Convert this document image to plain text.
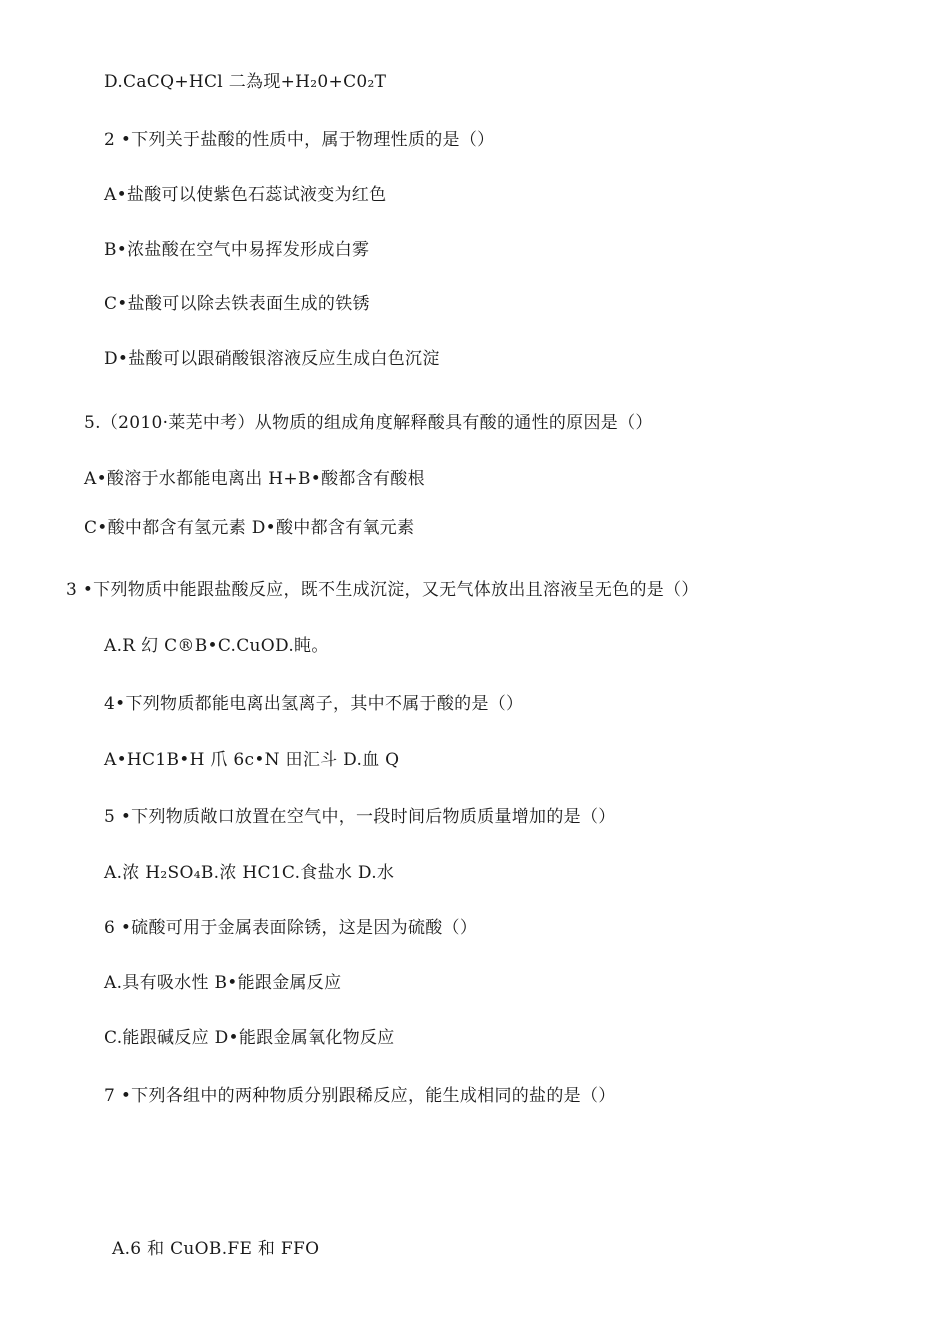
D.CaCQ+HCl 二為现+H₂0+C0₂T
2 •下列关于盐酸的性质中，属于物理性质的是（）
A•盐酸可以使紫色石蕊试液变为红色
B•浓盐酸在空气中易挥发形成白雾
C•盐酸可以除去铁表面生成的铁锈
D•盐酸可以跟硝酸银溶液反应生成白色沉淀
5.（2010·莱芜中考）从物质的组成角度解释酸具有酸的通性的原因是（）
A•酸溶于水都能电离出 H+B•酸都含有酸根
C•酸中都含有氢元素 D•酸中都含有氧元素
3 •下列物质中能跟盐酸反应，既不生成沉淀，又无气体放出且溶液呈无色的是（）
A.R 幻 C®B•C.CuOD.盹。
4•下列物质都能电离出氢离子，其中不属于酸的是（）
A•HC1B•H 爪 6c•N 田汇斗 D.血 Q
5 •下列物质敞口放置在空气中，一段时间后物质质量增加的是（）
A.浓 H₂SO₄B.浓 HC1C.食盐水 D.水
6 •硫酸可用于金属表面除锈，这是因为硫酸（）
A.具有吸水性 B•能跟金属反应
C.能跟碱反应 D•能跟金属氧化物反应
7 •下列各组中的两种物质分别跟稀反应，能生成相同的盐的是（）
A.6 和 CuOB.FE 和 FFO
